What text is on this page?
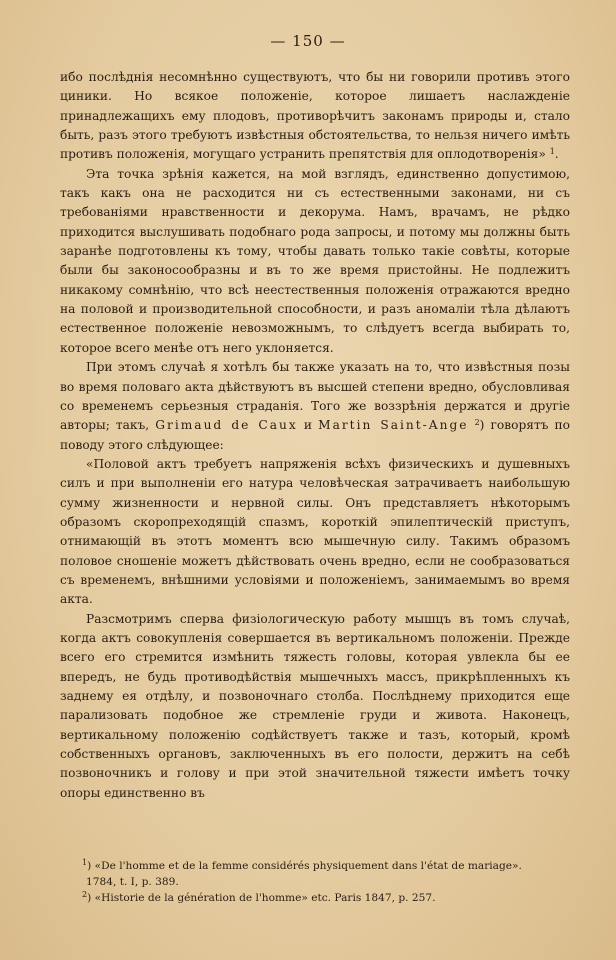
— 150 —

ибо послѣднія несомнѣнно существуютъ, что бы ни говорили противъ этого циники. Но всякое положеніе, которое лишаетъ наслажденіе принадлежащихъ ему плодовъ, противорѣчитъ законамъ природы и, стало быть, разъ этого требуютъ извѣстныя обстоятельства, то нельзя ничего имѣть противъ положенія, могущаго устранить препятствія для оплодотворенія» $^1$.

Эта точка зрѣнія кажется, на мой взглядъ, единственно допустимою, такъ какъ она не расходится ни съ естественными законами, ни съ требованіями нравственности и декорума. Намъ, врачамъ, не рѣдко приходится выслушивать подобнаго рода запросы, и потому мы должны быть заранѣе подготовлены къ тому, чтобы давать только такіе совѣты, которые были бы законосообразны и въ то же время пристойны. Не подлежитъ никакому сомнѣнію, что всѣ неестественныя положенія отражаются вредно на половой и производительной способности, и разъ аномаліи тѣла дѣлаютъ естественное положеніе невозможнымъ, то слѣдуетъ всегда выбирать то, которое всего менѣе отъ него уклоняется.

При этомъ случаѣ я хотѣлъ бы также указать на то, что извѣстныя позы во время половаго акта дѣйствуютъ въ высшей степени вредно, обусловливая со временемъ серьезныя страданія. Того же воззрѣнія держатся и другіе авторы; такъ, Grimaud de Caux и Martin Saint-Ange $^2$) говорятъ по поводу этого слѣдующее:

«Половой актъ требуетъ напряженія всѣхъ физическихъ и душевныхъ силъ и при выполненіи его натура человѣческая затрачиваетъ наибольшую сумму жизненности и нервной силы. Онъ представляетъ нѣкоторымъ образомъ скоропреходящій спазмъ, короткій эпилептическій приступъ, отнимающій въ этотъ моментъ всю мышечную силу. Такимъ образомъ половое сношеніе можетъ дѣйствовать очень вредно, если не сообразоваться съ временемъ, внѣшними условіями и положеніемъ, занимаемымъ во время акта.

Разсмотримъ сперва физіологическую работу мышцъ въ томъ случаѣ, когда актъ совокупленія совершается въ вертикальномъ положеніи. Прежде всего его стремится измѣнить тяжесть головы, которая увлекла бы ее впередъ, не будь противодѣйствія мышечныхъ массъ, прикрѣпленныхъ къ заднему ея отдѣлу, и позвоночнаго столба. Послѣднему приходится еще парализовать подобное же стремленіе груди и живота. Наконецъ, вертикальному положенію содѣйствуетъ также и тазъ, который, кромѣ собственныхъ органовъ, заключенныхъ въ его полости, держитъ на себѣ позвоночникъ и голову и при этой значительной тяжести имѣетъ точку опоры единственно въ

$^1$) «De l'homme et de la femme considérés physiquement dans l'état de mariage».
1784, t. I, p. 389.

$^2$) «Historie de la génération de l'homme» etc. Paris 1847, p. 257.
